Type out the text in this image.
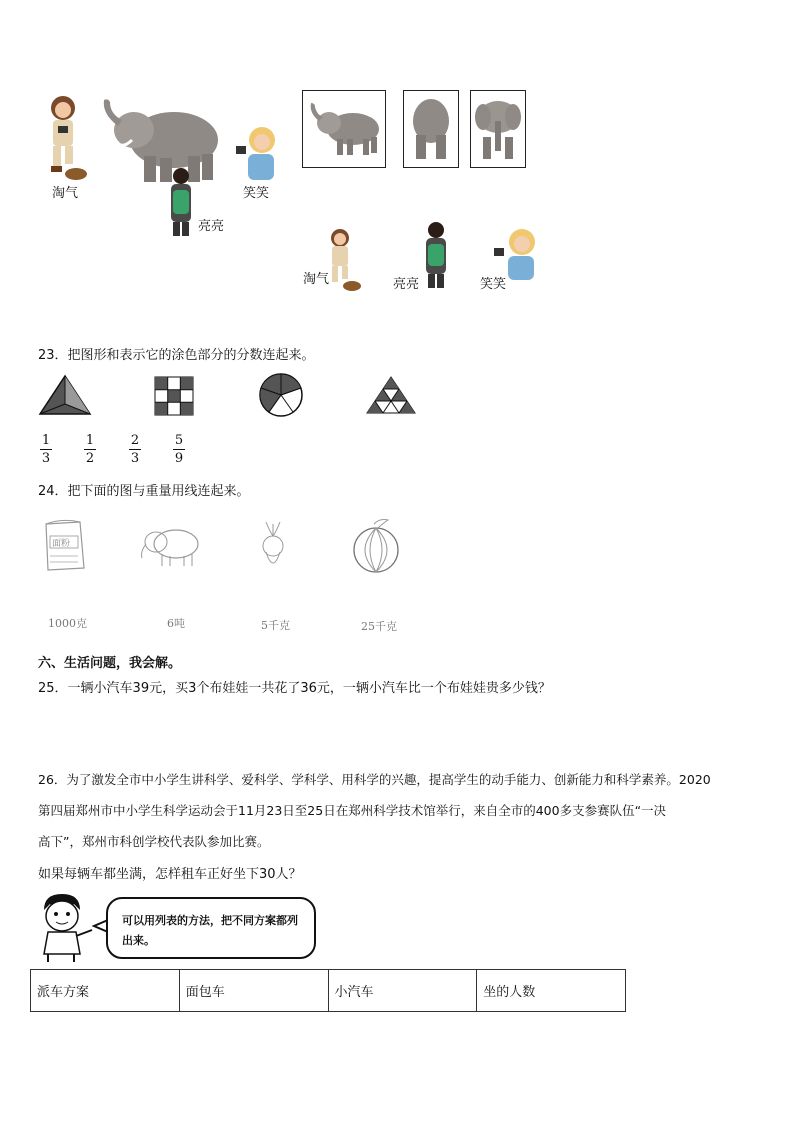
淘气
亮亮
笑笑
淘气	亮亮	笑笑
23．把图形和表示它的涂色部分的分数连起来。
1
3
1
2
2
3
5
9
24．把下面的图与重量用线连起来。
面粉
1000克	6吨	5千克	25千克
六、生活问题，我会解。
25．一辆小汽车39元，买3个布娃娃一共花了36元，一辆小汽车比一个布娃娃贵多少钱？
26．为了激发全市中小学生讲科学、爱科学、学科学、用科学的兴趣，提高学生的动手能力、创新能力和科学素养。2020
第四届郑州市中小学生科学运动会于11月23日至25日在郑州科学技术馆举行，来自全市的400多支参赛队伍“一决
高下”，郑州市科创学校代表队参加比赛。
如果每辆车都坐满，怎样租车正好坐下30人？
可以用列表的方法，把不同方案都列出来。
派车方案	面包车	小汽车	坐的人数
